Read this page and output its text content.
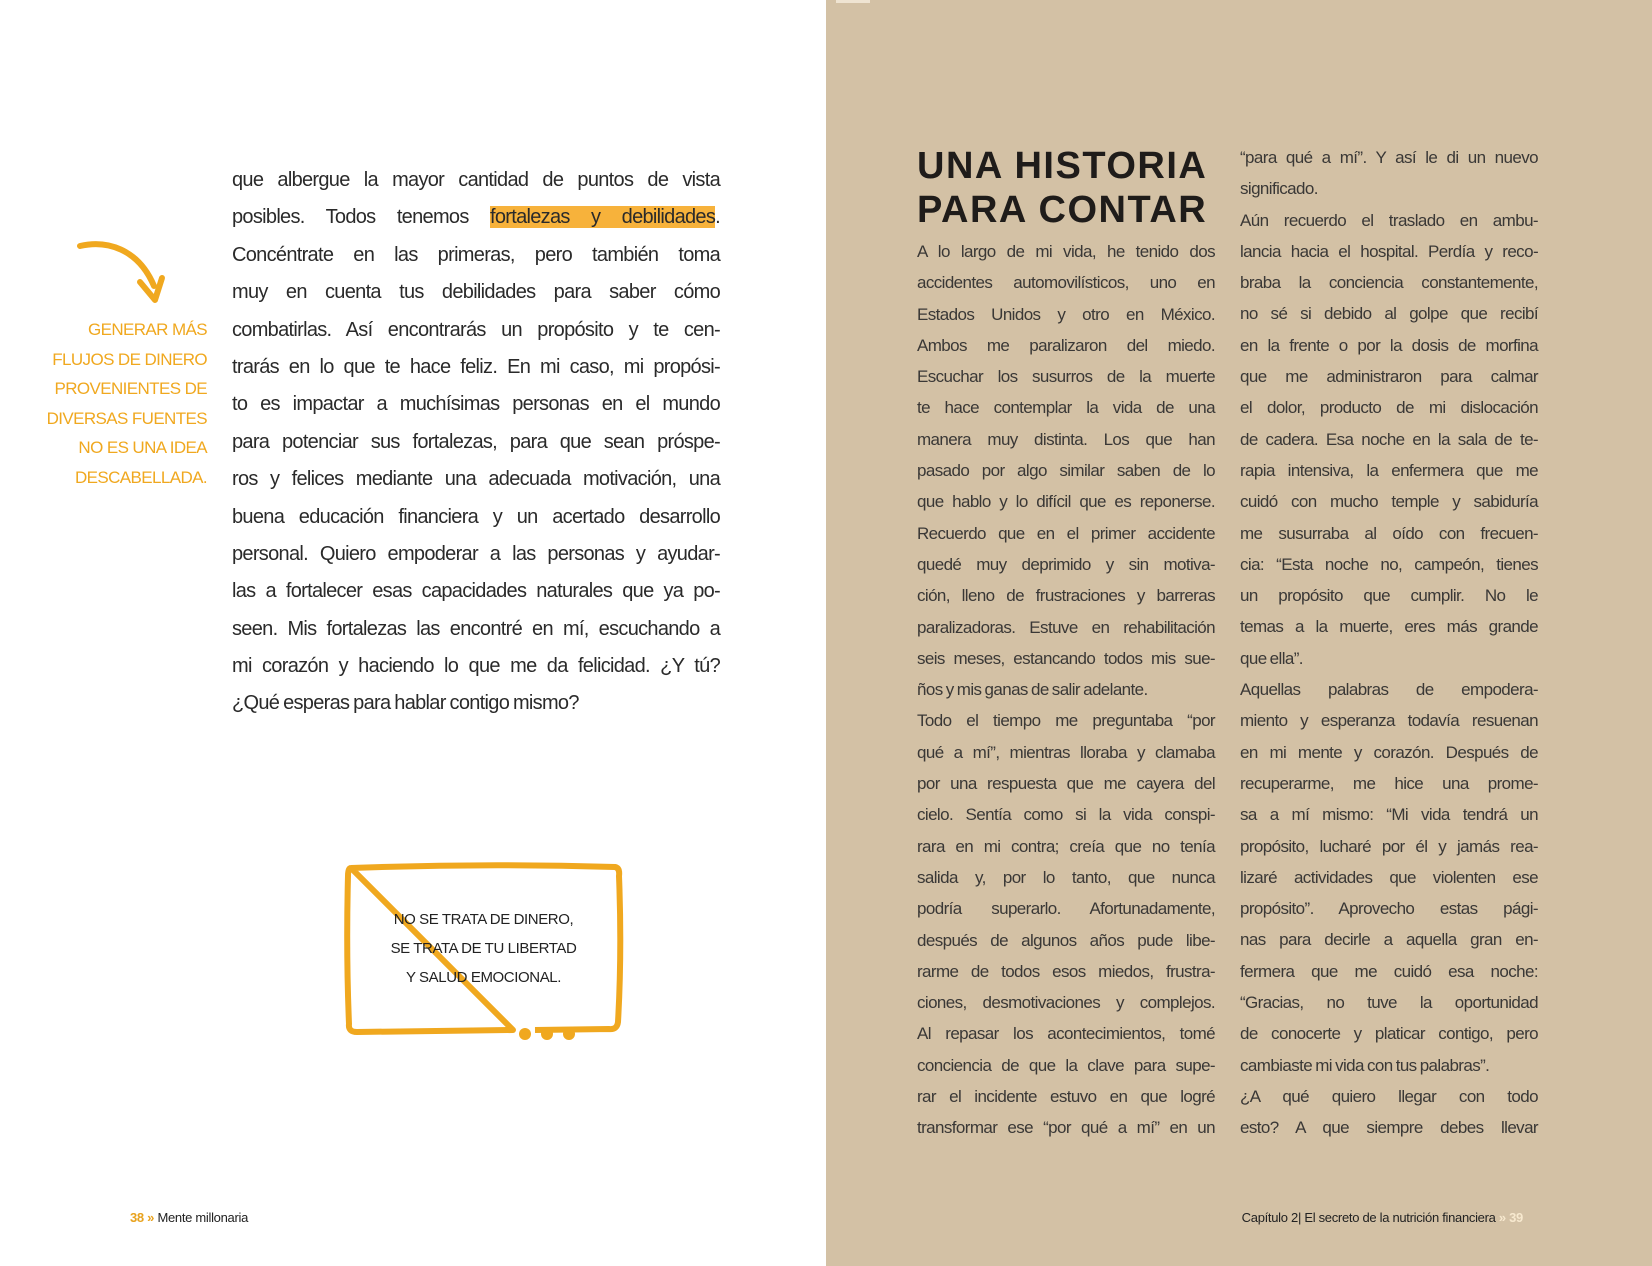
GENERAR MÁS
FLUJOS DE DINERO
PROVENIENTES DE
DIVERSAS FUENTES
NO ES UNA IDEA
DESCABELLADA.
que albergue la mayor cantidad de puntos de vista
posibles. Todos tenemos fortalezas y debilidades.
Concéntrate en las primeras, pero también toma
muy en cuenta tus debilidades para saber cómo
combatirlas. Así encontrarás un propósito y te cen-
trarás en lo que te hace feliz. En mi caso, mi propósi-
to es impactar a muchísimas personas en el mundo
para potenciar sus fortalezas, para que sean próspe-
ros y felices mediante una adecuada motivación, una
buena educación financiera y un acertado desarrollo
personal. Quiero empoderar a las personas y ayudar-
las a fortalecer esas capacidades naturales que ya po-
seen. Mis fortalezas las encontré en mí, escuchando a
mi corazón y haciendo lo que me da felicidad. ¿Y tú?
¿Qué esperas para hablar contigo mismo?
NO SE TRATA DE DINERO,
SE TRATA DE TU LIBERTAD
Y SALUD EMOCIONAL.
38 » Mente millonaria
UNA HISTORIA
PARA CONTAR
A lo largo de mi vida, he tenido dos
accidentes automovilísticos, uno en
Estados Unidos y otro en México.
Ambos me paralizaron del miedo.
Escuchar los susurros de la muerte
te hace contemplar la vida de una
manera muy distinta. Los que han
pasado por algo similar saben de lo
que hablo y lo difícil que es reponerse.
Recuerdo que en el primer accidente
quedé muy deprimido y sin motiva-
ción, lleno de frustraciones y barreras
paralizadoras. Estuve en rehabilitación
seis meses, estancando todos mis sue-
ños y mis ganas de salir adelante.
Todo el tiempo me preguntaba “por
qué a mí”, mientras lloraba y clamaba
por una respuesta que me cayera del
cielo. Sentía como si la vida conspi-
rara en mi contra; creía que no tenía
salida y, por lo tanto, que nunca
podría superarlo. Afortunadamente,
después de algunos años pude libe-
rarme de todos esos miedos, frustra-
ciones, desmotivaciones y complejos.
Al repasar los acontecimientos, tomé
conciencia de que la clave para supe-
rar el incidente estuvo en que logré
transformar ese “por qué a mí” en un
“para qué a mí”. Y así le di un nuevo
significado.
Aún recuerdo el traslado en ambu-
lancia hacia el hospital. Perdía y reco-
braba la conciencia constantemente,
no sé si debido al golpe que recibí
en la frente o por la dosis de morfina
que me administraron para calmar
el dolor, producto de mi dislocación
de cadera. Esa noche en la sala de te-
rapia intensiva, la enfermera que me
cuidó con mucho temple y sabiduría
me susurraba al oído con frecuen-
cia: “Esta noche no, campeón, tienes
un propósito que cumplir. No le
temas a la muerte, eres más grande
que ella”.
Aquellas palabras de empodera-
miento y esperanza todavía resuenan
en mi mente y corazón. Después de
recuperarme, me hice una prome-
sa a mí mismo: “Mi vida tendrá un
propósito, lucharé por él y jamás rea-
lizaré actividades que violenten ese
propósito”. Aprovecho estas pági-
nas para decirle a aquella gran en-
fermera que me cuidó esa noche:
“Gracias, no tuve la oportunidad
de conocerte y platicar contigo, pero
cambiaste mi vida con tus palabras”.
¿A qué quiero llegar con todo
esto? A que siempre debes llevar
Capítulo 2| El secreto de la nutrición financiera » 39
